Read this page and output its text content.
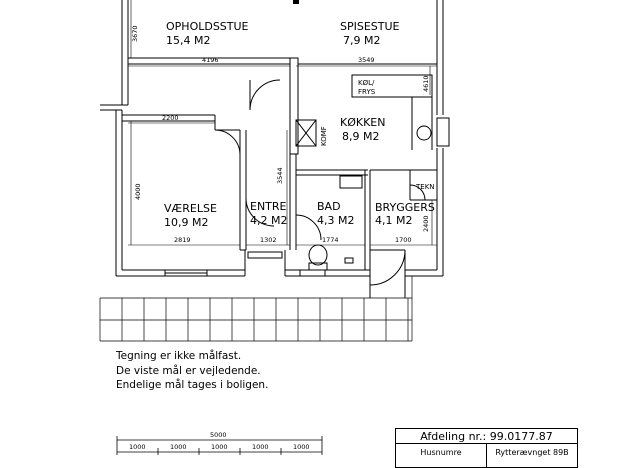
OPHOLDSSTUE
15,4 M2
SPISESTUE
7,9 M2
KØKKEN
8,9 M2
VÆRELSE
10,9 M2
ENTRE
4,2 M2
BAD
4,3 M2
BRYGGERS
4,1 M2
KØL/
FRYS
KOMF
TEKN
3670
4196	3549
4610
2200
4000
3544
2819	1302	1774	1700
2400
5000
1000	1000	1000	1000	1000
Tegning er ikke målfast.
De viste mål er vejledende.
Endelige mål tages i boligen.
Afdeling nr.: 99.0177.87
Husnumre	Rytterævnget 89B
